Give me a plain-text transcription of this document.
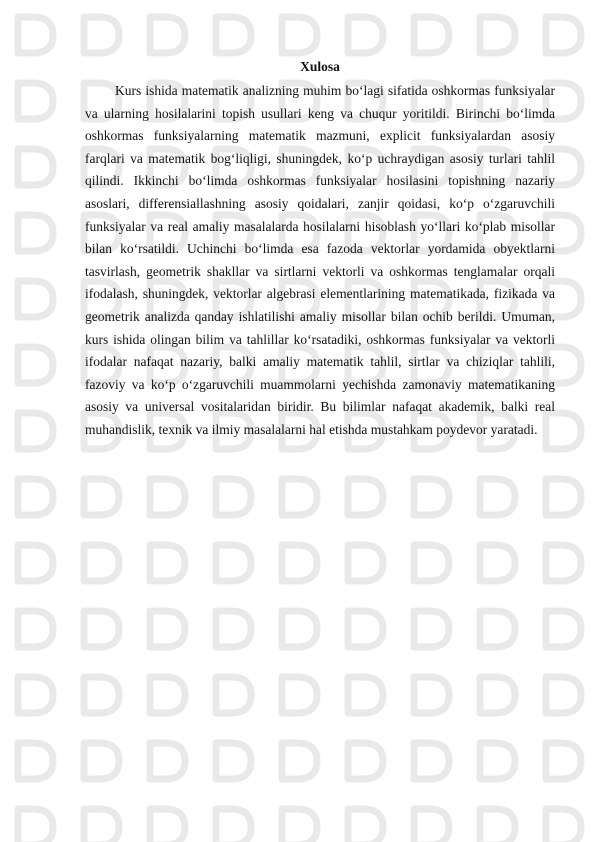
Xulosa

Kurs ishida matematik analizning muhim bo‘lagi sifatida oshkormas funksiyalar va ularning hosilalarini topish usullari keng va chuqur yoritildi. Birinchi bo‘limda oshkormas funksiyalarning matematik mazmuni, explicit funksiyalardan asosiy farqlari va matematik bog‘liqligi, shuningdek, ko‘p uchraydigan asosiy turlari tahlil qilindi. Ikkinchi bo‘limda oshkormas funksiyalar hosilasini topishning nazariy asoslari, differensiallashning asosiy qoidalari, zanjir qoidasi, ko‘p o‘zgaruvchili funksiyalar va real amaliy masalalarda hosilalarni hisoblash yo‘llari ko‘plab misollar bilan ko‘rsatildi. Uchinchi bo‘limda esa fazoda vektorlar yordamida obyektlarni tasvirlash, geometrik shakllar va sirtlarni vektorli va oshkormas tenglamalar orqali ifodalash, shuningdek, vektorlar algebrasi elementlarining matematikada, fizikada va geometrik analizda qanday ishlatilishi amaliy misollar bilan ochib berildi. Umuman, kurs ishida olingan bilim va tahlillar ko‘rsatadiki, oshkormas funksiyalar va vektorli ifodalar nafaqat nazariy, balki amaliy matematik tahlil, sirtlar va chiziqlar tahlili, fazoviy va ko‘p o‘zgaruvchili muammolarni yechishda zamonaviy matematikaning asosiy va universal vositalaridan biridir. Bu bilimlar nafaqat akademik, balki real muhandislik, texnik va ilmiy masalalarni hal etishda mustahkam poydevor yaratadi.
